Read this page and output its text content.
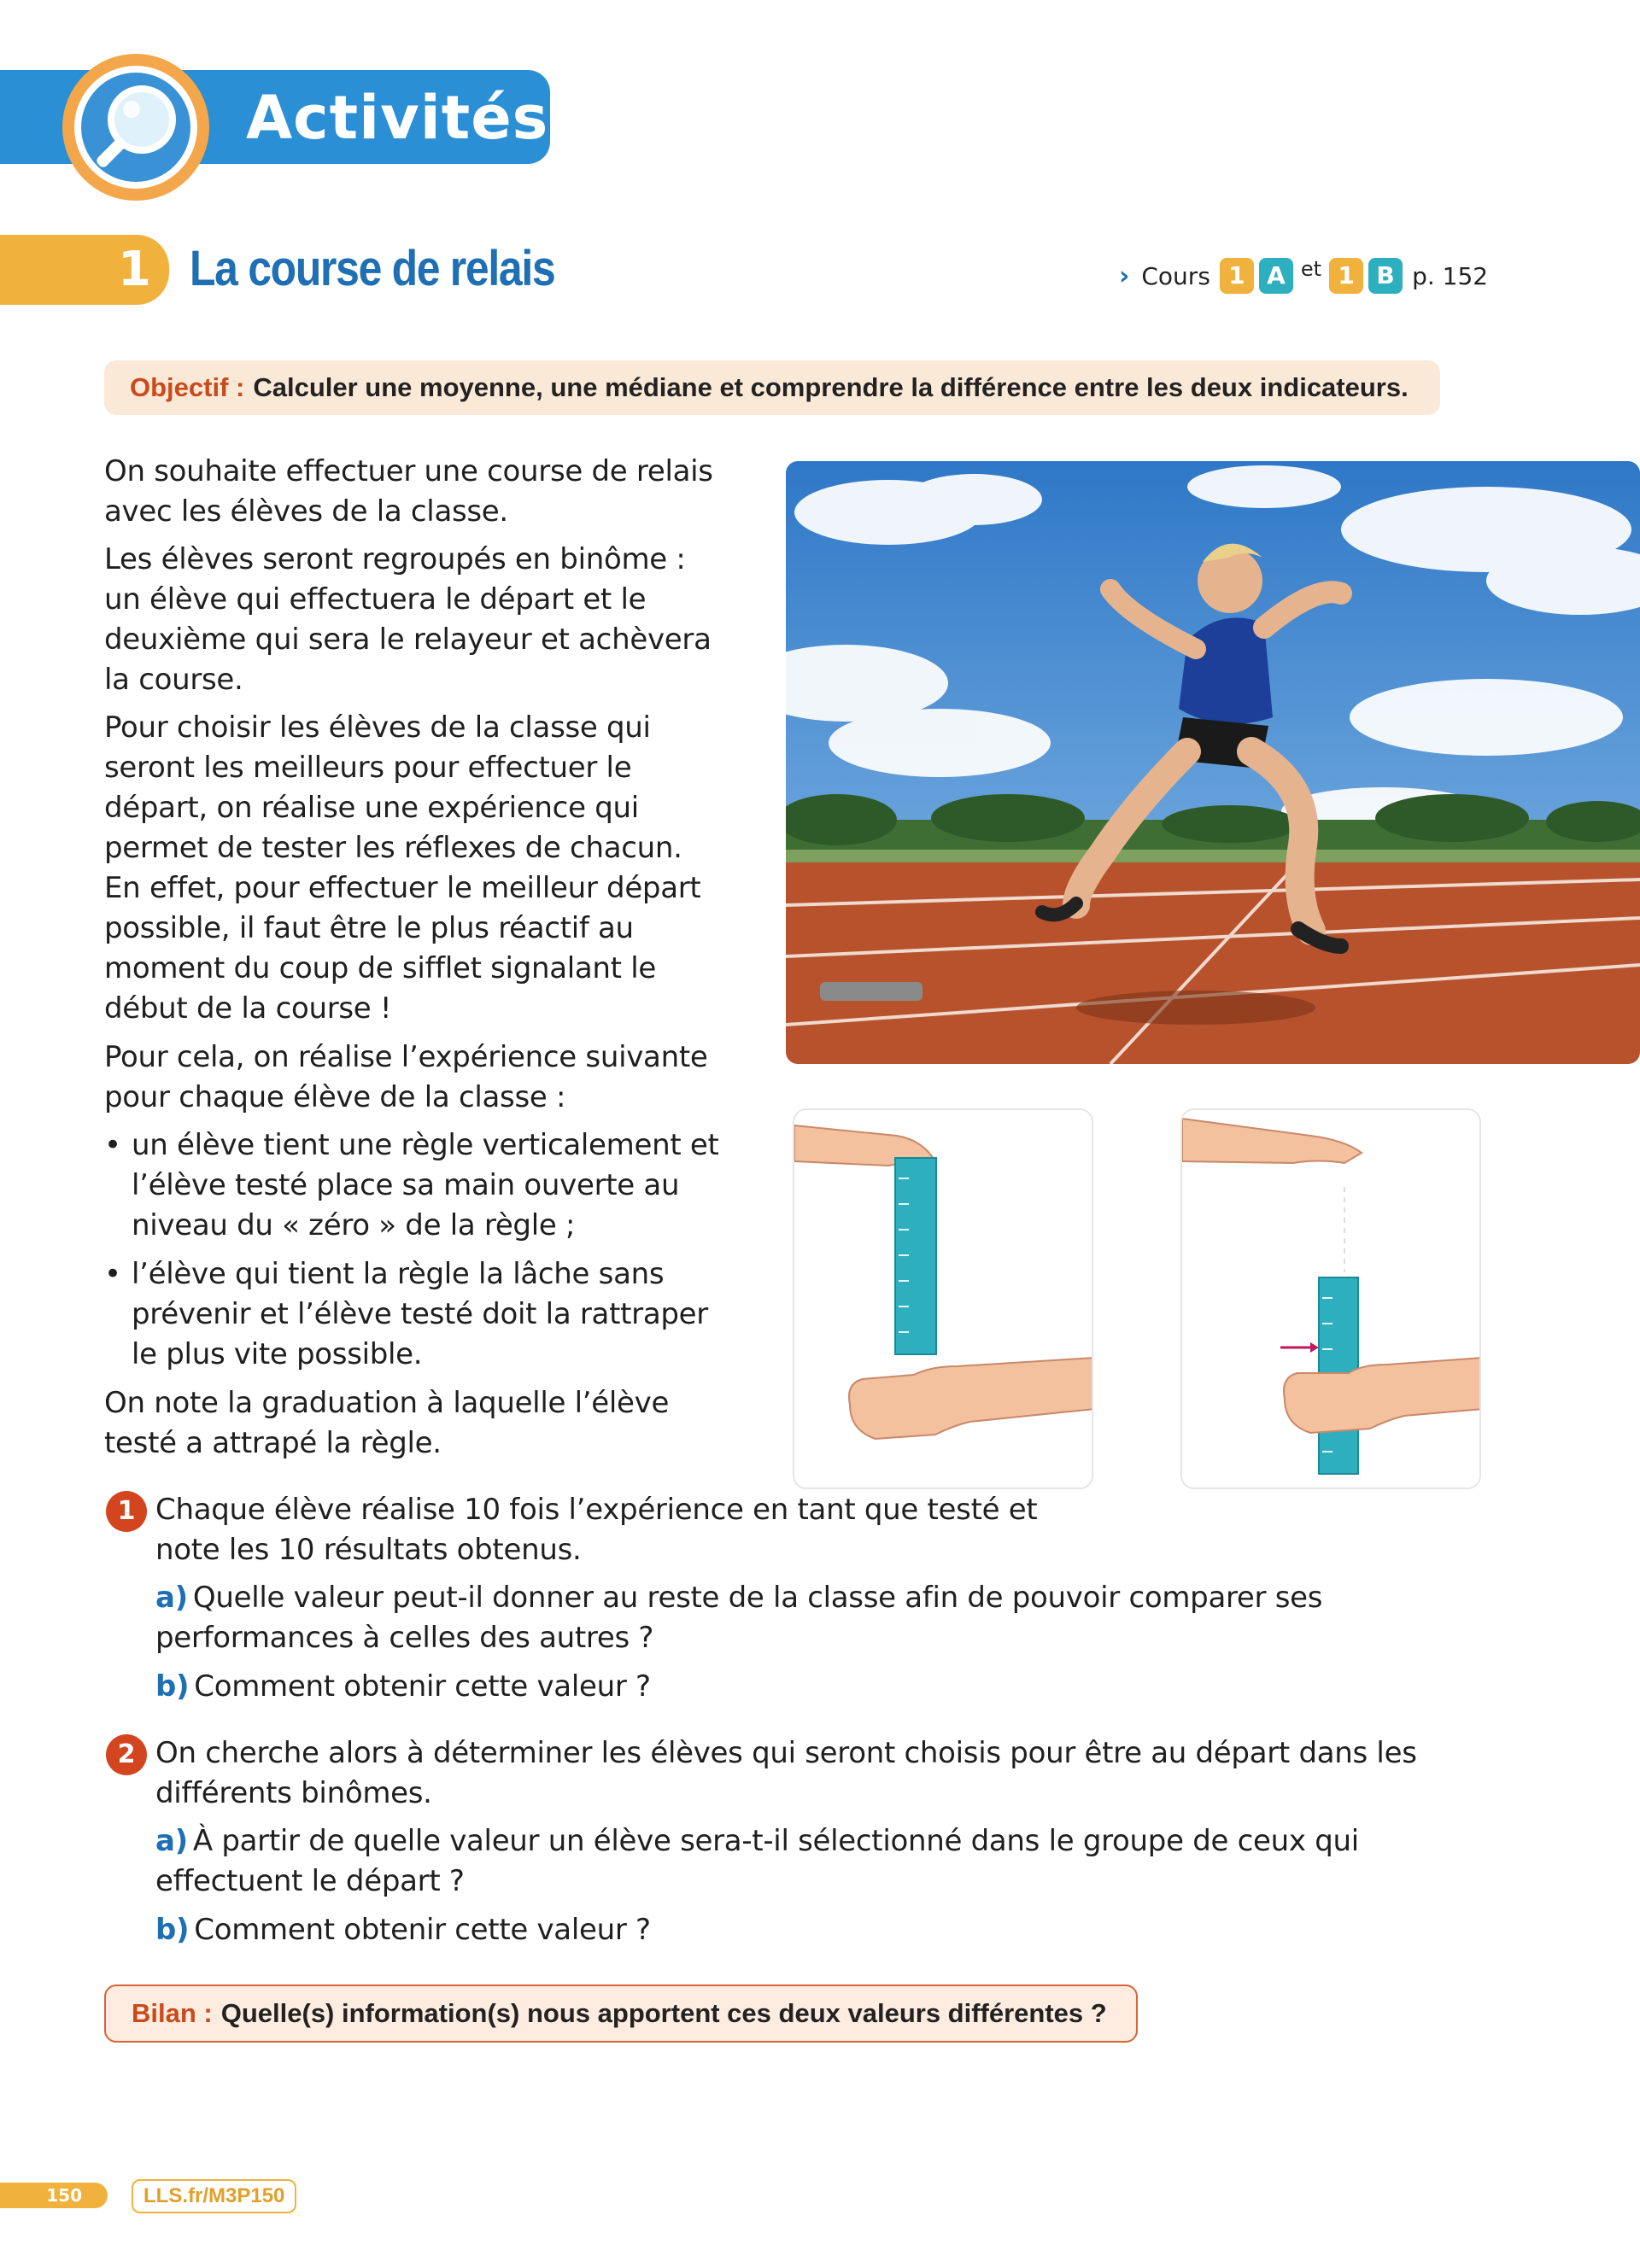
Activités
1 La course de relais	› Cours 1 A et 1 B p. 152
Objectif : Calculer une moyenne, une médiane et comprendre la différence entre les deux indicateurs.
On souhaite effectuer une course de relais avec les élèves de la classe.
Les élèves seront regroupés en binôme : un élève qui effectuera le départ et le deuxième qui sera le relayeur et achèvera la course.
Pour choisir les élèves de la classe qui seront les meilleurs pour effectuer le départ, on réalise une expérience qui permet de tester les réflexes de chacun. En effet, pour effectuer le meilleur départ possible, il faut être le plus réactif au moment du coup de sifflet signalant le début de la course !
Pour cela, on réalise l’expérience suivante pour chaque élève de la classe :
• un élève tient une règle verticalement et l’élève testé place sa main ouverte au niveau du « zéro » de la règle ;
• l’élève qui tient la règle la lâche sans prévenir et l’élève testé doit la rattraper le plus vite possible.
On note la graduation à laquelle l’élève testé a attrapé la règle.
1 Chaque élève réalise 10 fois l’expérience en tant que testé et note les 10 résultats obtenus.
a) Quelle valeur peut-il donner au reste de la classe afin de pouvoir comparer ses performances à celles des autres ?
b) Comment obtenir cette valeur ?
2 On cherche alors à déterminer les élèves qui seront choisis pour être au départ dans les différents binômes.
a) À partir de quelle valeur un élève sera-t-il sélectionné dans le groupe de ceux qui effectuent le départ ?
b) Comment obtenir cette valeur ?
Bilan : Quelle(s) information(s) nous apportent ces deux valeurs différentes ?
150	LLS.fr/M3P150
